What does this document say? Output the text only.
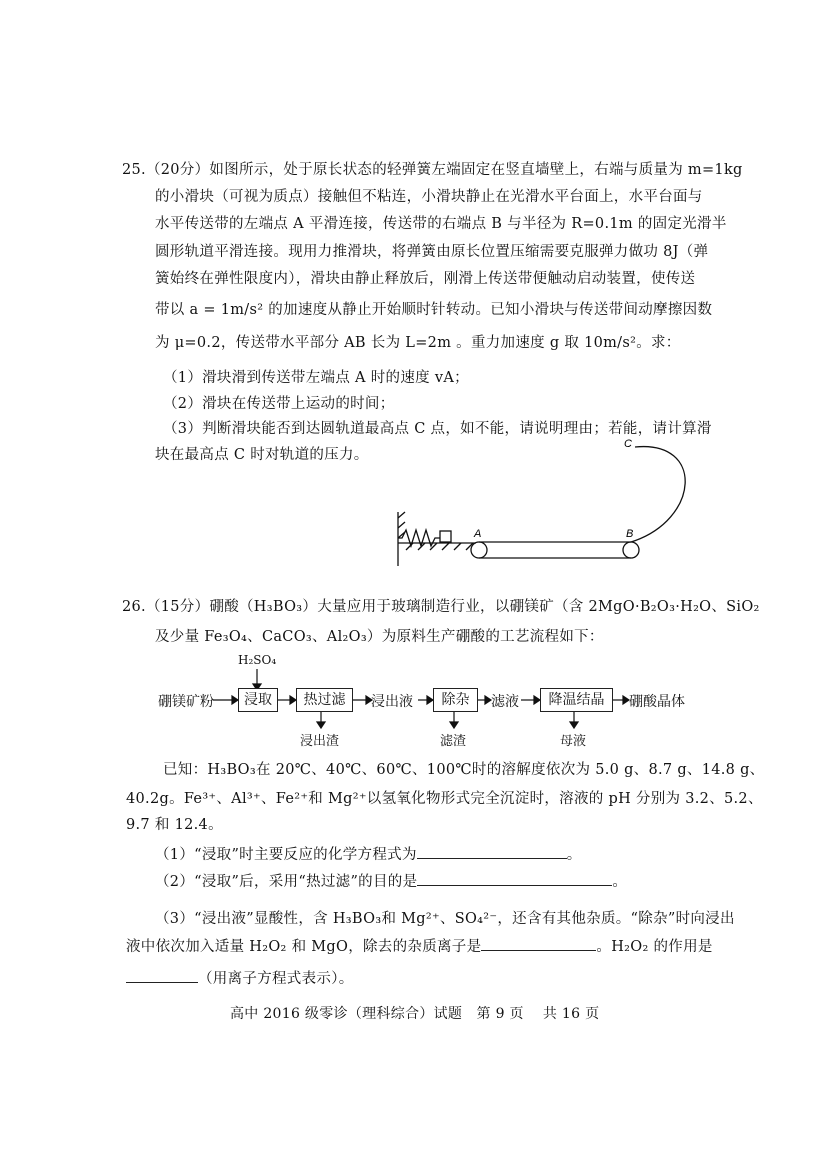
25.（20分）如图所示，处于原长状态的轻弹簧左端固定在竖直墙壁上，右端与质量为 m=1kg
的小滑块（可视为质点）接触但不粘连，小滑块静止在光滑水平台面上，水平台面与
水平传送带的左端点 A 平滑连接，传送带的右端点 B 与半径为 R=0.1m 的固定光滑半
圆形轨道平滑连接。现用力推滑块，将弹簧由原长位置压缩需要克服弹力做功 8J（弹
簧始终在弹性限度内），滑块由静止释放后，刚滑上传送带便触动启动装置，使传送
带以 a = 1m/s² 的加速度从静止开始顺时针转动。已知小滑块与传送带间动摩擦因数
为 μ=0.2，传送带水平部分 AB 长为 L=2m 。重力加速度 g 取 10m/s²。求：
（1）滑块滑到传送带左端点 A 时的速度 vA；
（2）滑块在传送带上运动的时间；
（3）判断滑块能否到达圆轨道最高点 C 点，如不能，请说明理由；若能，请计算滑
块在最高点 C 时对轨道的压力。
A	B
C
26.（15分）硼酸（H₃BO₃）大量应用于玻璃制造行业，以硼镁矿（含 2MgO·B₂O₃·H₂O、SiO₂
及少量 Fe₃O₄、CaCO₃、Al₂O₃）为原料生产硼酸的工艺流程如下：
H₂SO₄
硼镁矿粉	浸取	热过滤	浸出液	除杂	滤液	降温结晶	硼酸晶体
浸出渣	滤渣	母液
已知：H₃BO₃在 20℃、40℃、60℃、100℃时的溶解度依次为 5.0 g、8.7 g、14.8 g、
40.2g。Fe³⁺、Al³⁺、Fe²⁺和 Mg²⁺以氢氧化物形式完全沉淀时，溶液的 pH 分别为 3.2、5.2、
9.7 和 12.4。
（1）“浸取”时主要反应的化学方程式为	。
（2）“浸取”后，采用“热过滤”的目的是	。
（3）“浸出液”显酸性，含 H₃BO₃和 Mg²⁺、SO₄²⁻，还含有其他杂质。“除杂”时向浸出
液中依次加入适量 H₂O₂ 和 MgO，除去的杂质离子是	。H₂O₂ 的作用是
（用离子方程式表示）。
高中 2016 级零诊（理科综合）试题　第 9 页　 共 16 页
